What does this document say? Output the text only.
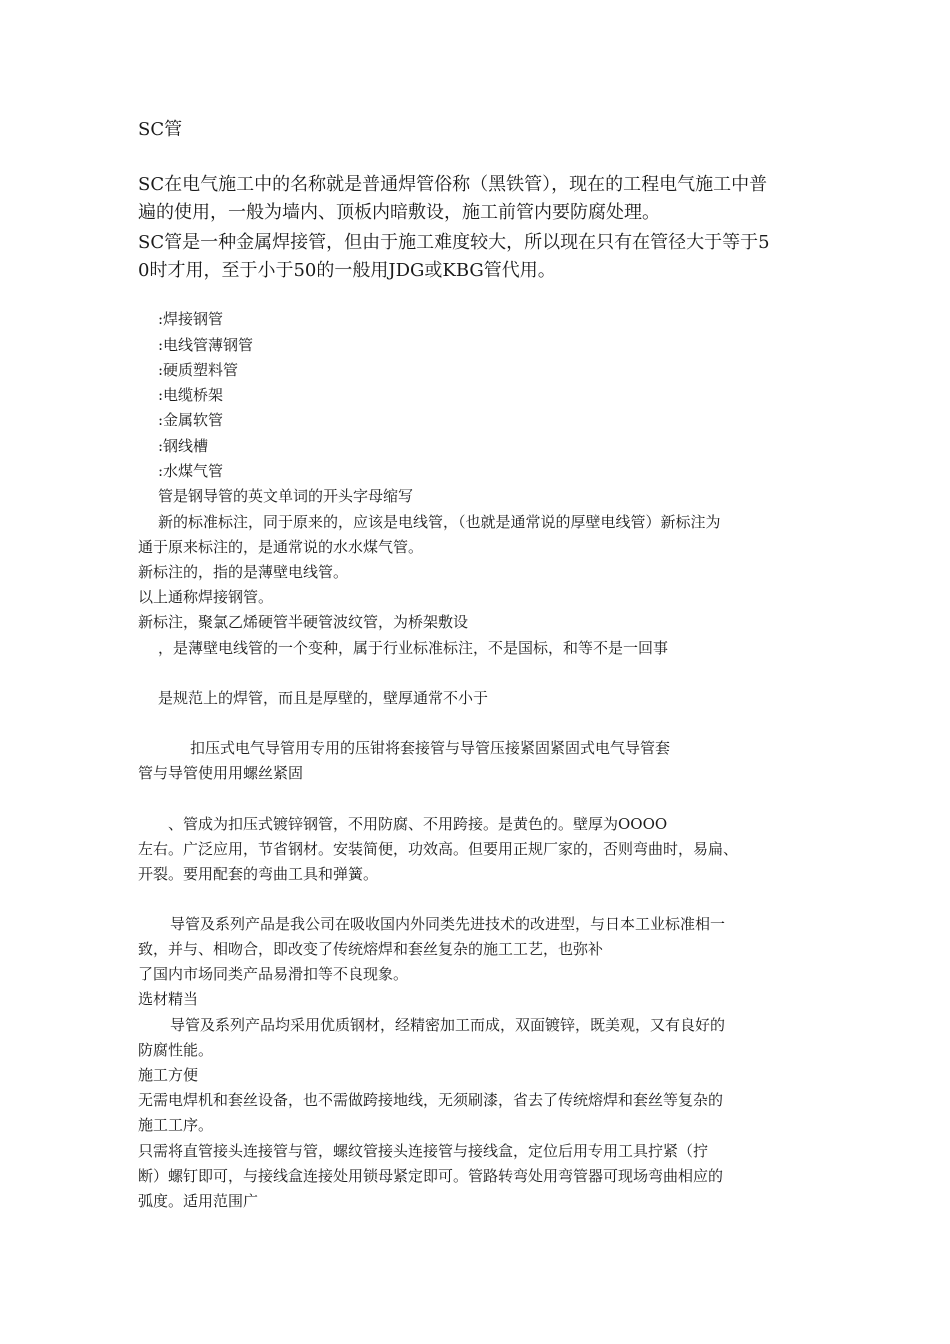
SC管

SC在电气施工中的名称就是普通焊管俗称（黑铁管），现在的工程电气施工中普

遍的使用，一般为墙内、顶板内暗敷设，施工前管内要防腐处理。

SC管是一种金属焊接管，但由于施工难度较大，所以现在只有在管径大于等于5

0时才用，至于小于50的一般用JDG或KBG管代用。

:焊接钢管

:电线管薄钢管

:硬质塑料管

:电缆桥架

:金属软管

:钢线槽

:水煤气管

管是钢导管的英文单词的开头字母缩写

新的标准标注，同于原来的，应该是电线管，（也就是通常说的厚壁电线管）新标注为

通于原来标注的，是通常说的水水煤气管。

新标注的，指的是薄壁电线管。

以上通称焊接钢管。

新标注，聚氯乙烯硬管半硬管波纹管，为桥架敷设

，是薄壁电线管的一个变种，属于行业标准标注，不是国标，和等不是一回事

是规范上的焊管，而且是厚壁的，壁厚通常不小于

扣压式电气导管用专用的压钳将套接管与导管压接紧固紧固式电气导管套

管与导管使用用螺丝紧固

、管成为扣压式镀锌钢管，不用防腐、不用跨接。是黄色的。壁厚为OOOO

左右。广泛应用，节省钢材。安装简便，功效高。但要用正规厂家的，否则弯曲时，易扁、

开裂。要用配套的弯曲工具和弹簧。

导管及系列产品是我公司在吸收国内外同类先进技术的改进型，与日本工业标准相一

致，并与、相吻合，即改变了传统熔焊和套丝复杂的施工工艺，也弥补

了国内市场同类产品易滑扣等不良现象。

选材精当

导管及系列产品均采用优质钢材，经精密加工而成，双面镀锌，既美观，又有良好的

防腐性能。

施工方便

无需电焊机和套丝设备，也不需做跨接地线，无须刷漆，省去了传统熔焊和套丝等复杂的

施工工序。

只需将直管接头连接管与管，螺纹管接头连接管与接线盒，定位后用专用工具拧紧（拧

断）螺钉即可，与接线盒连接处用锁母紧定即可。管路转弯处用弯管器可现场弯曲相应的

弧度。适用范围广
